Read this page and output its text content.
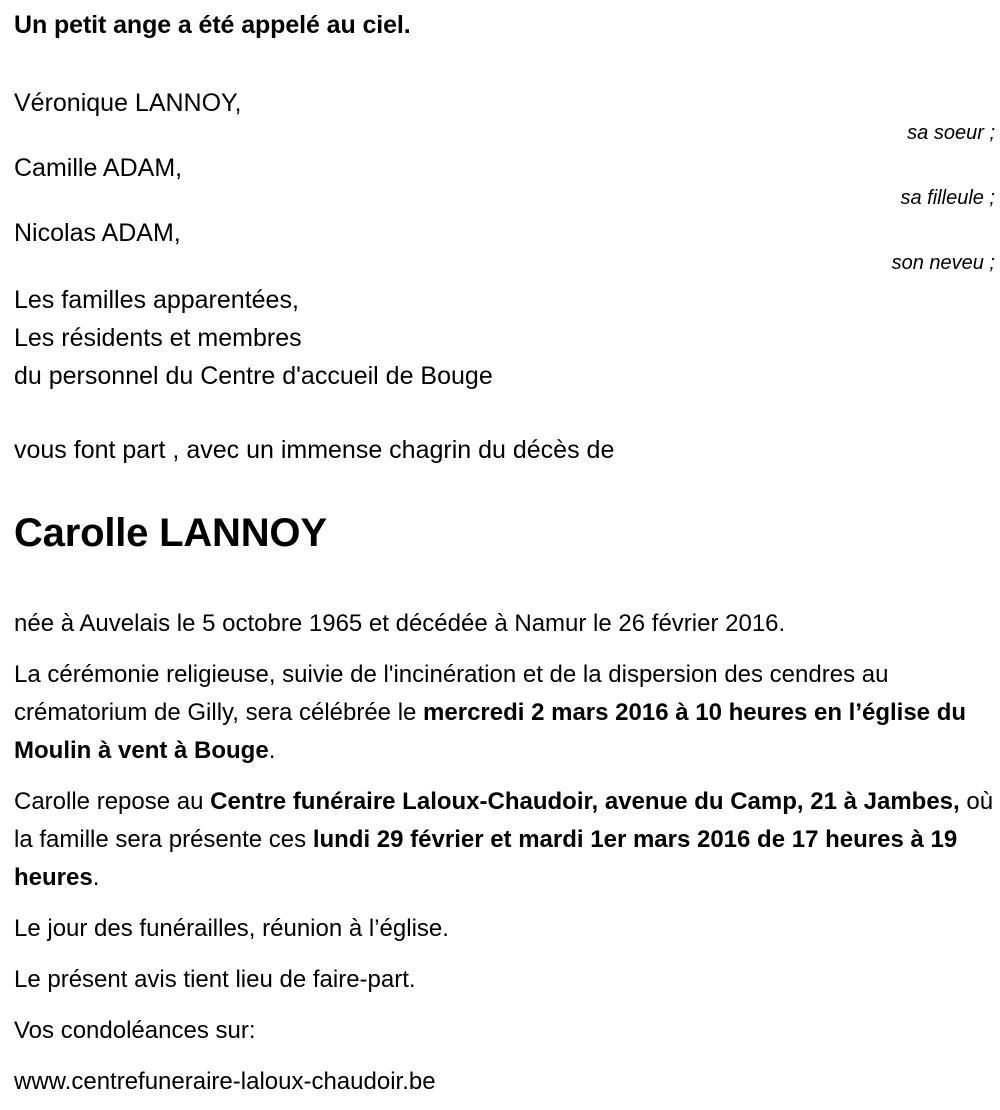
Un petit ange a été appelé au ciel.
Véronique LANNOY,
sa soeur ;
Camille ADAM,
sa filleule ;
Nicolas ADAM,
son neveu ;
Les familles apparentées,
Les résidents et membres
du personnel du Centre d'accueil de Bouge
vous font part , avec un immense chagrin du décès de
Carolle LANNOY

née à Auvelais le 5 octobre 1965 et décédée à Namur le 26 février 2016.

La cérémonie religieuse, suivie de l'incinération et de la dispersion des cendres au crématorium de Gilly, sera célébrée le mercredi 2 mars 2016 à 10 heures en l’église du Moulin à vent à Bouge.

Carolle repose au Centre funéraire Laloux-Chaudoir, avenue du Camp, 21 à Jambes, où la famille sera présente ces lundi 29 février et mardi 1er mars 2016 de 17 heures à 19 heures.

Le jour des funérailles, réunion à l’église.

Le présent avis tient lieu de faire-part.

Vos condoléances sur:

www.centrefuneraire-laloux-chaudoir.be
